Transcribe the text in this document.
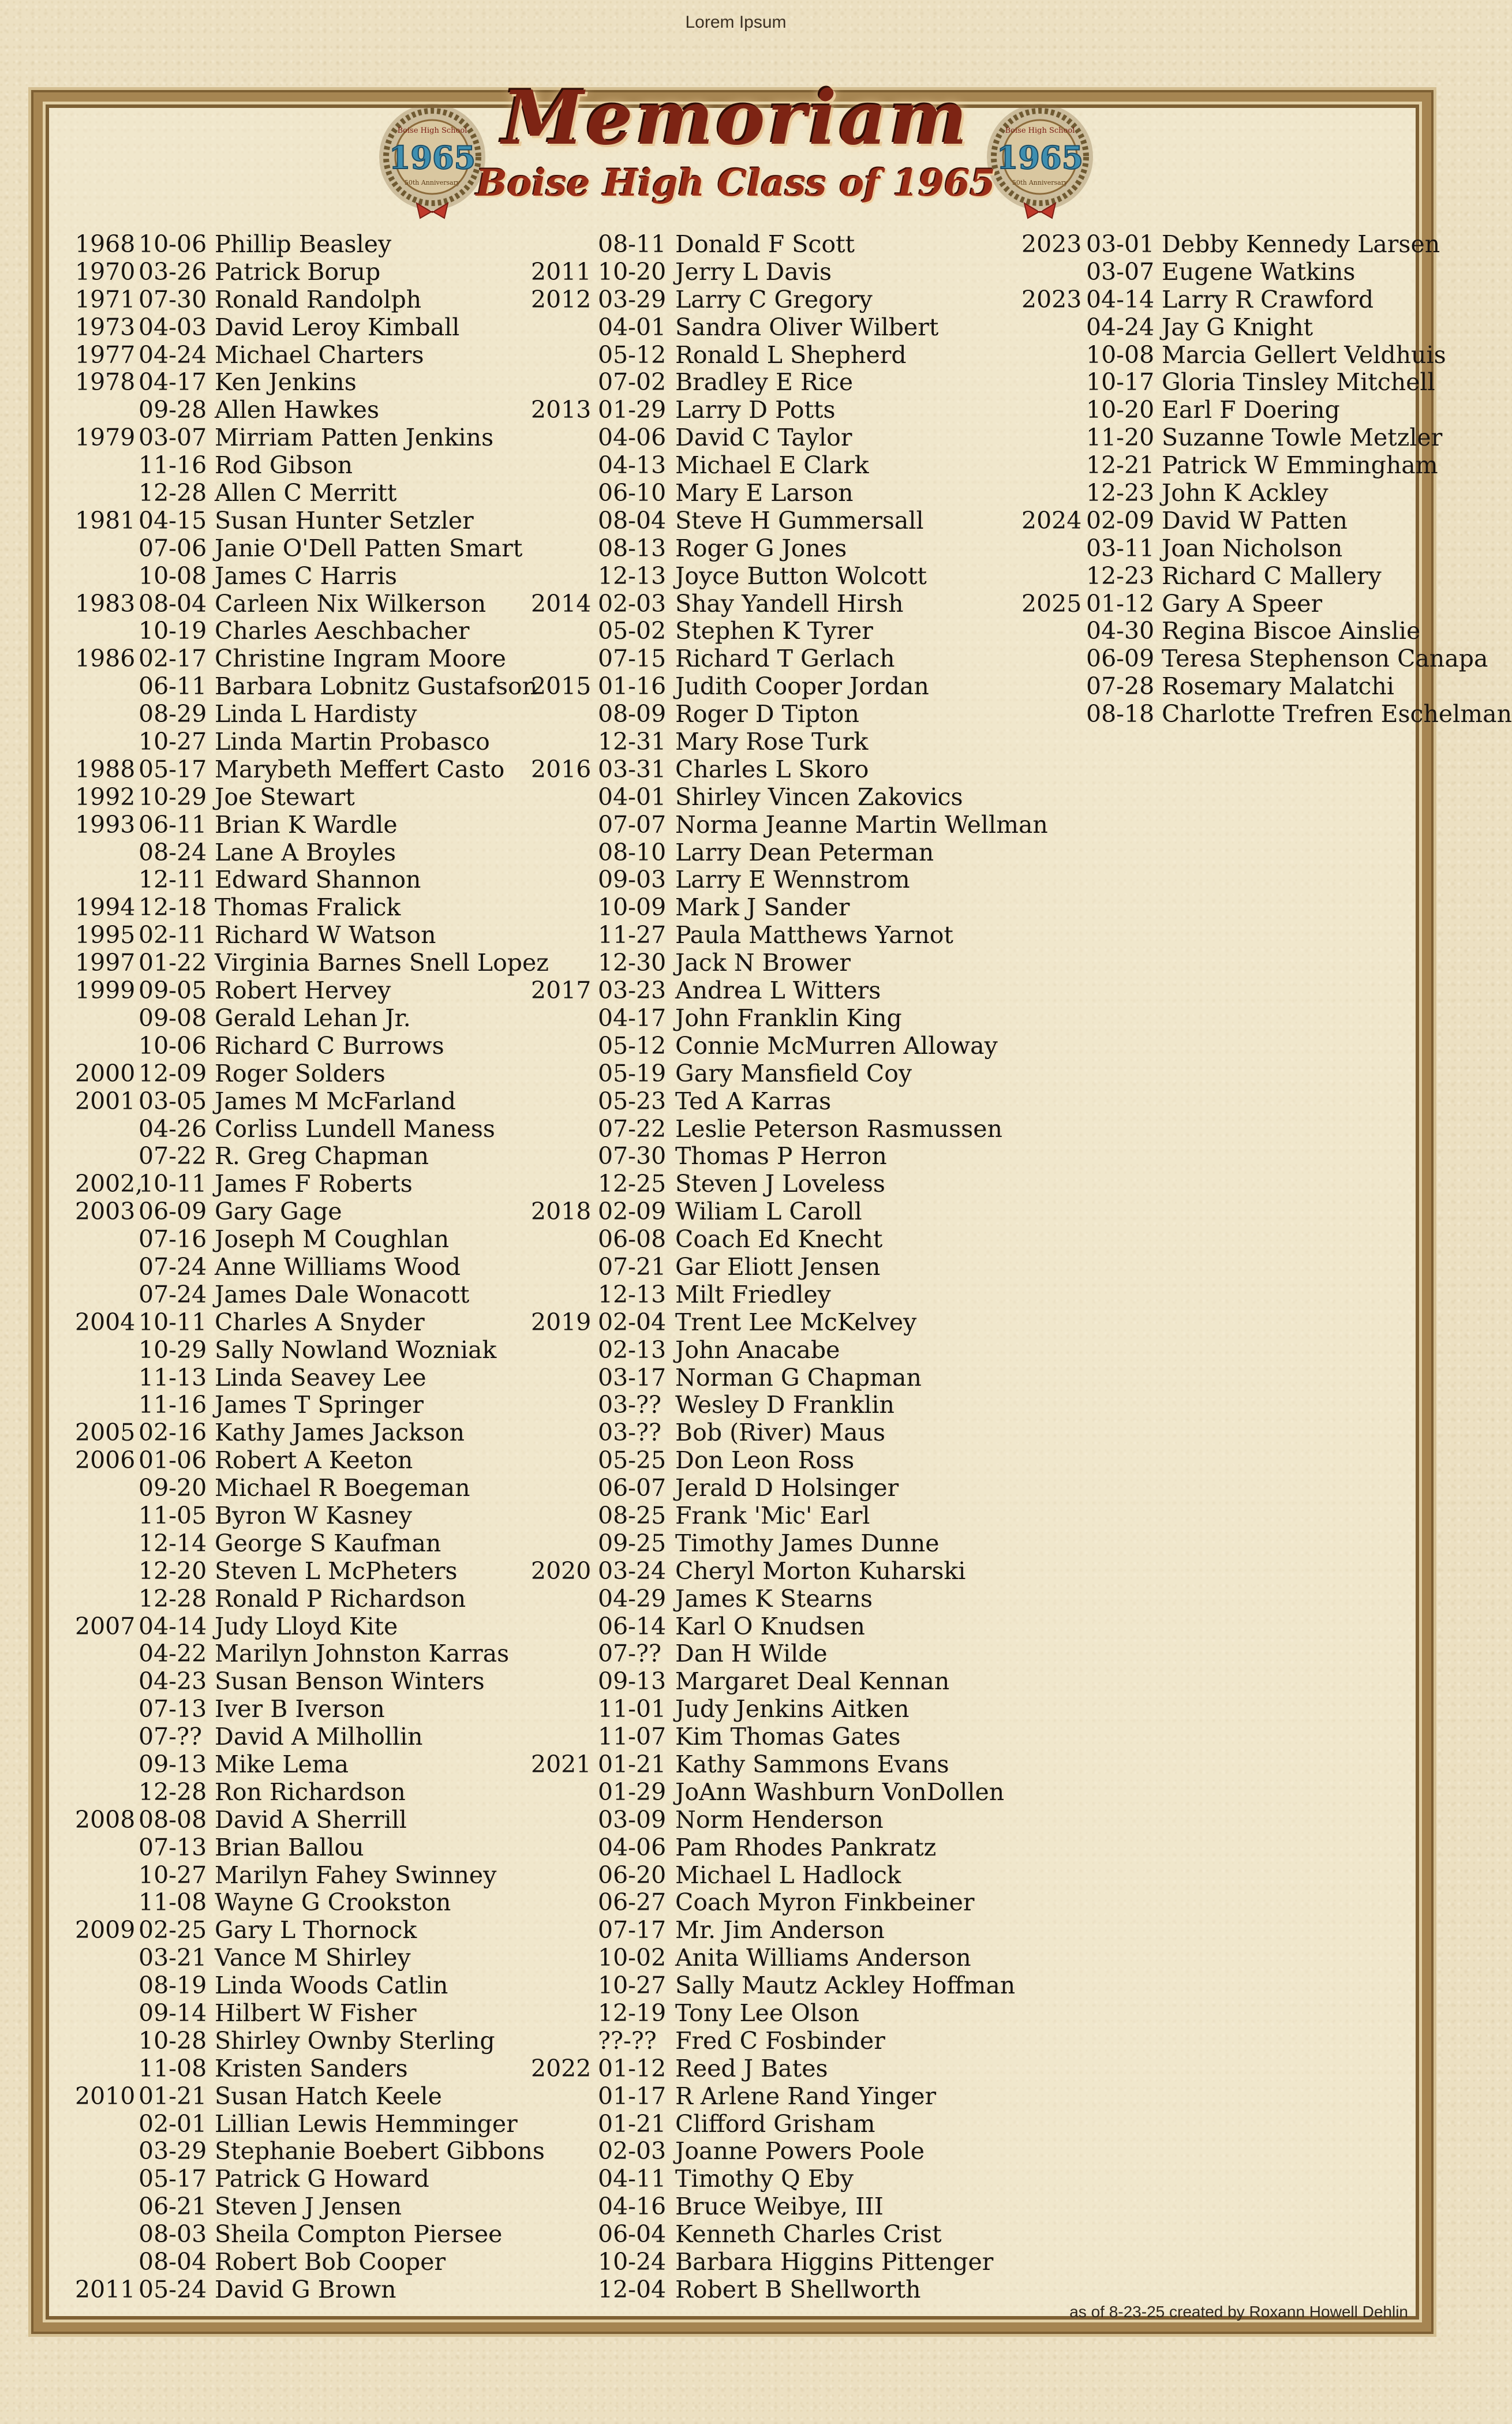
Lorem Ipsum
Boise High School
1965
50th Anniversary
Boise High School
1965
50th Anniversary
Memoriam
Boise High Class of 1965
1968 10-06 Phillip Beasley
1970 03-26 Patrick Borup
1971 07-30 Ronald Randolph
1973 04-03 David Leroy Kimball
1977 04-24 Michael Charters
1978 04-17 Ken Jenkins
09-28 Allen Hawkes
1979 03-07 Mirriam Patten Jenkins
11-16 Rod Gibson
12-28 Allen C Merritt
1981 04-15 Susan Hunter Setzler
07-06 Janie O'Dell Patten Smart
10-08 James C Harris
1983 08-04 Carleen Nix Wilkerson
10-19 Charles Aeschbacher
1986 02-17 Christine Ingram Moore
06-11 Barbara Lobnitz Gustafson
08-29 Linda L Hardisty
10-27 Linda Martin Probasco
1988 05-17 Marybeth Meffert Casto
1992 10-29 Joe Stewart
1993 06-11 Brian K Wardle
08-24 Lane A Broyles
12-11 Edward Shannon
1994 12-18 Thomas Fralick
1995 02-11 Richard W Watson
1997 01-22 Virginia Barnes Snell Lopez
1999 09-05 Robert Hervey
09-08 Gerald Lehan Jr.
10-06 Richard C Burrows
2000 12-09 Roger Solders
2001 03-05 James M McFarland
04-26 Corliss Lundell Maness
07-22 R. Greg Chapman
2002,
10-11 James F Roberts
2003 06-09 Gary Gage
07-16 Joseph M Coughlan
07-24 Anne Williams Wood
07-24 James Dale Wonacott
2004 10-11 Charles A Snyder
10-29 Sally Nowland Wozniak
11-13 Linda Seavey Lee
11-16 James T Springer
2005 02-16 Kathy James Jackson
2006 01-06 Robert A Keeton
09-20 Michael R Boegeman
11-05 Byron W Kasney
12-14 George S Kaufman
12-20 Steven L McPheters
12-28 Ronald P Richardson
2007 04-14 Judy Lloyd Kite
04-22 Marilyn Johnston Karras
04-23 Susan Benson Winters
07-13 Iver B Iverson
07-?? David A Milhollin
09-13 Mike Lema
12-28 Ron Richardson
2008 08-08 David A Sherrill
07-13 Brian Ballou
10-27 Marilyn Fahey Swinney
11-08 Wayne G Crookston
2009 02-25 Gary L Thornock
03-21 Vance M Shirley
08-19 Linda Woods Catlin
09-14 Hilbert W Fisher
10-28 Shirley Ownby Sterling
11-08 Kristen Sanders
2010 01-21 Susan Hatch Keele
02-01 Lillian Lewis Hemminger
03-29 Stephanie Boebert Gibbons
05-17 Patrick G Howard
06-21 Steven J Jensen
08-03 Sheila Compton Piersee
08-04 Robert Bob Cooper
2011 05-24 David G Brown
08-11 Donald F Scott
2011 10-20 Jerry L Davis
2012 03-29 Larry C Gregory
04-01 Sandra Oliver Wilbert
05-12 Ronald L Shepherd
07-02 Bradley E Rice
2013 01-29 Larry D Potts
04-06 David C Taylor
04-13 Michael E Clark
06-10 Mary E Larson
08-04 Steve H Gummersall
08-13 Roger G Jones
12-13 Joyce Button Wolcott
2014 02-03 Shay Yandell Hirsh
05-02 Stephen K Tyrer
07-15 Richard T Gerlach
2015 01-16 Judith Cooper Jordan
08-09 Roger D Tipton
12-31 Mary Rose Turk
2016 03-31 Charles L Skoro
04-01 Shirley Vincen Zakovics
07-07 Norma Jeanne Martin Wellman
08-10 Larry Dean Peterman
09-03 Larry E Wennstrom
10-09 Mark J Sander
11-27 Paula Matthews Yarnot
12-30 Jack N Brower
2017 03-23 Andrea L Witters
04-17 John Franklin King
05-12 Connie McMurren Alloway
05-19 Gary Mansfield Coy
05-23 Ted A Karras
07-22 Leslie Peterson Rasmussen
07-30 Thomas P Herron
12-25 Steven J Loveless
2018 02-09 Wiliam L Caroll
06-08 Coach Ed Knecht
07-21 Gar Eliott Jensen
12-13 Milt Friedley
2019 02-04 Trent Lee McKelvey
02-13 John Anacabe
03-17 Norman G Chapman
03-?? Wesley D Franklin
03-?? Bob (River) Maus
05-25 Don Leon Ross
06-07 Jerald D Holsinger
08-25 Frank 'Mic' Earl
09-25 Timothy James Dunne
2020 03-24 Cheryl Morton Kuharski
04-29 James K Stearns
06-14 Karl O Knudsen
07-?? Dan H Wilde
09-13 Margaret Deal Kennan
11-01 Judy Jenkins Aitken
11-07 Kim Thomas Gates
2021 01-21 Kathy Sammons Evans
01-29 JoAnn Washburn VonDollen
03-09 Norm Henderson
04-06 Pam Rhodes Pankratz
06-20 Michael L Hadlock
06-27 Coach Myron Finkbeiner
07-17 Mr. Jim Anderson
10-02 Anita Williams Anderson
10-27 Sally Mautz Ackley Hoffman
12-19 Tony Lee Olson
??-?? Fred C Fosbinder
2022 01-12 Reed J Bates
01-17 R Arlene Rand Yinger
01-21 Clifford Grisham
02-03 Joanne Powers Poole
04-11 Timothy Q Eby
04-16 Bruce Weibye, III
06-04 Kenneth Charles Crist
10-24 Barbara Higgins Pittenger
12-04 Robert B Shellworth
2023 03-01 Debby Kennedy Larsen
03-07 Eugene Watkins
2023 04-14 Larry R Crawford
04-24 Jay G Knight
10-08 Marcia Gellert Veldhuis
10-17 Gloria Tinsley Mitchell
10-20 Earl F Doering
11-20 Suzanne Towle Metzler
12-21 Patrick W Emmingham
12-23 John K Ackley
2024 02-09 David W Patten
03-11 Joan Nicholson
12-23 Richard C Mallery
2025 01-12 Gary A Speer
04-30 Regina Biscoe Ainslie
06-09 Teresa Stephenson Canapa
07-28 Rosemary Malatchi
08-18 Charlotte Trefren Eschelman
as of 8-23-25 created by Roxann Howell Dehlin
